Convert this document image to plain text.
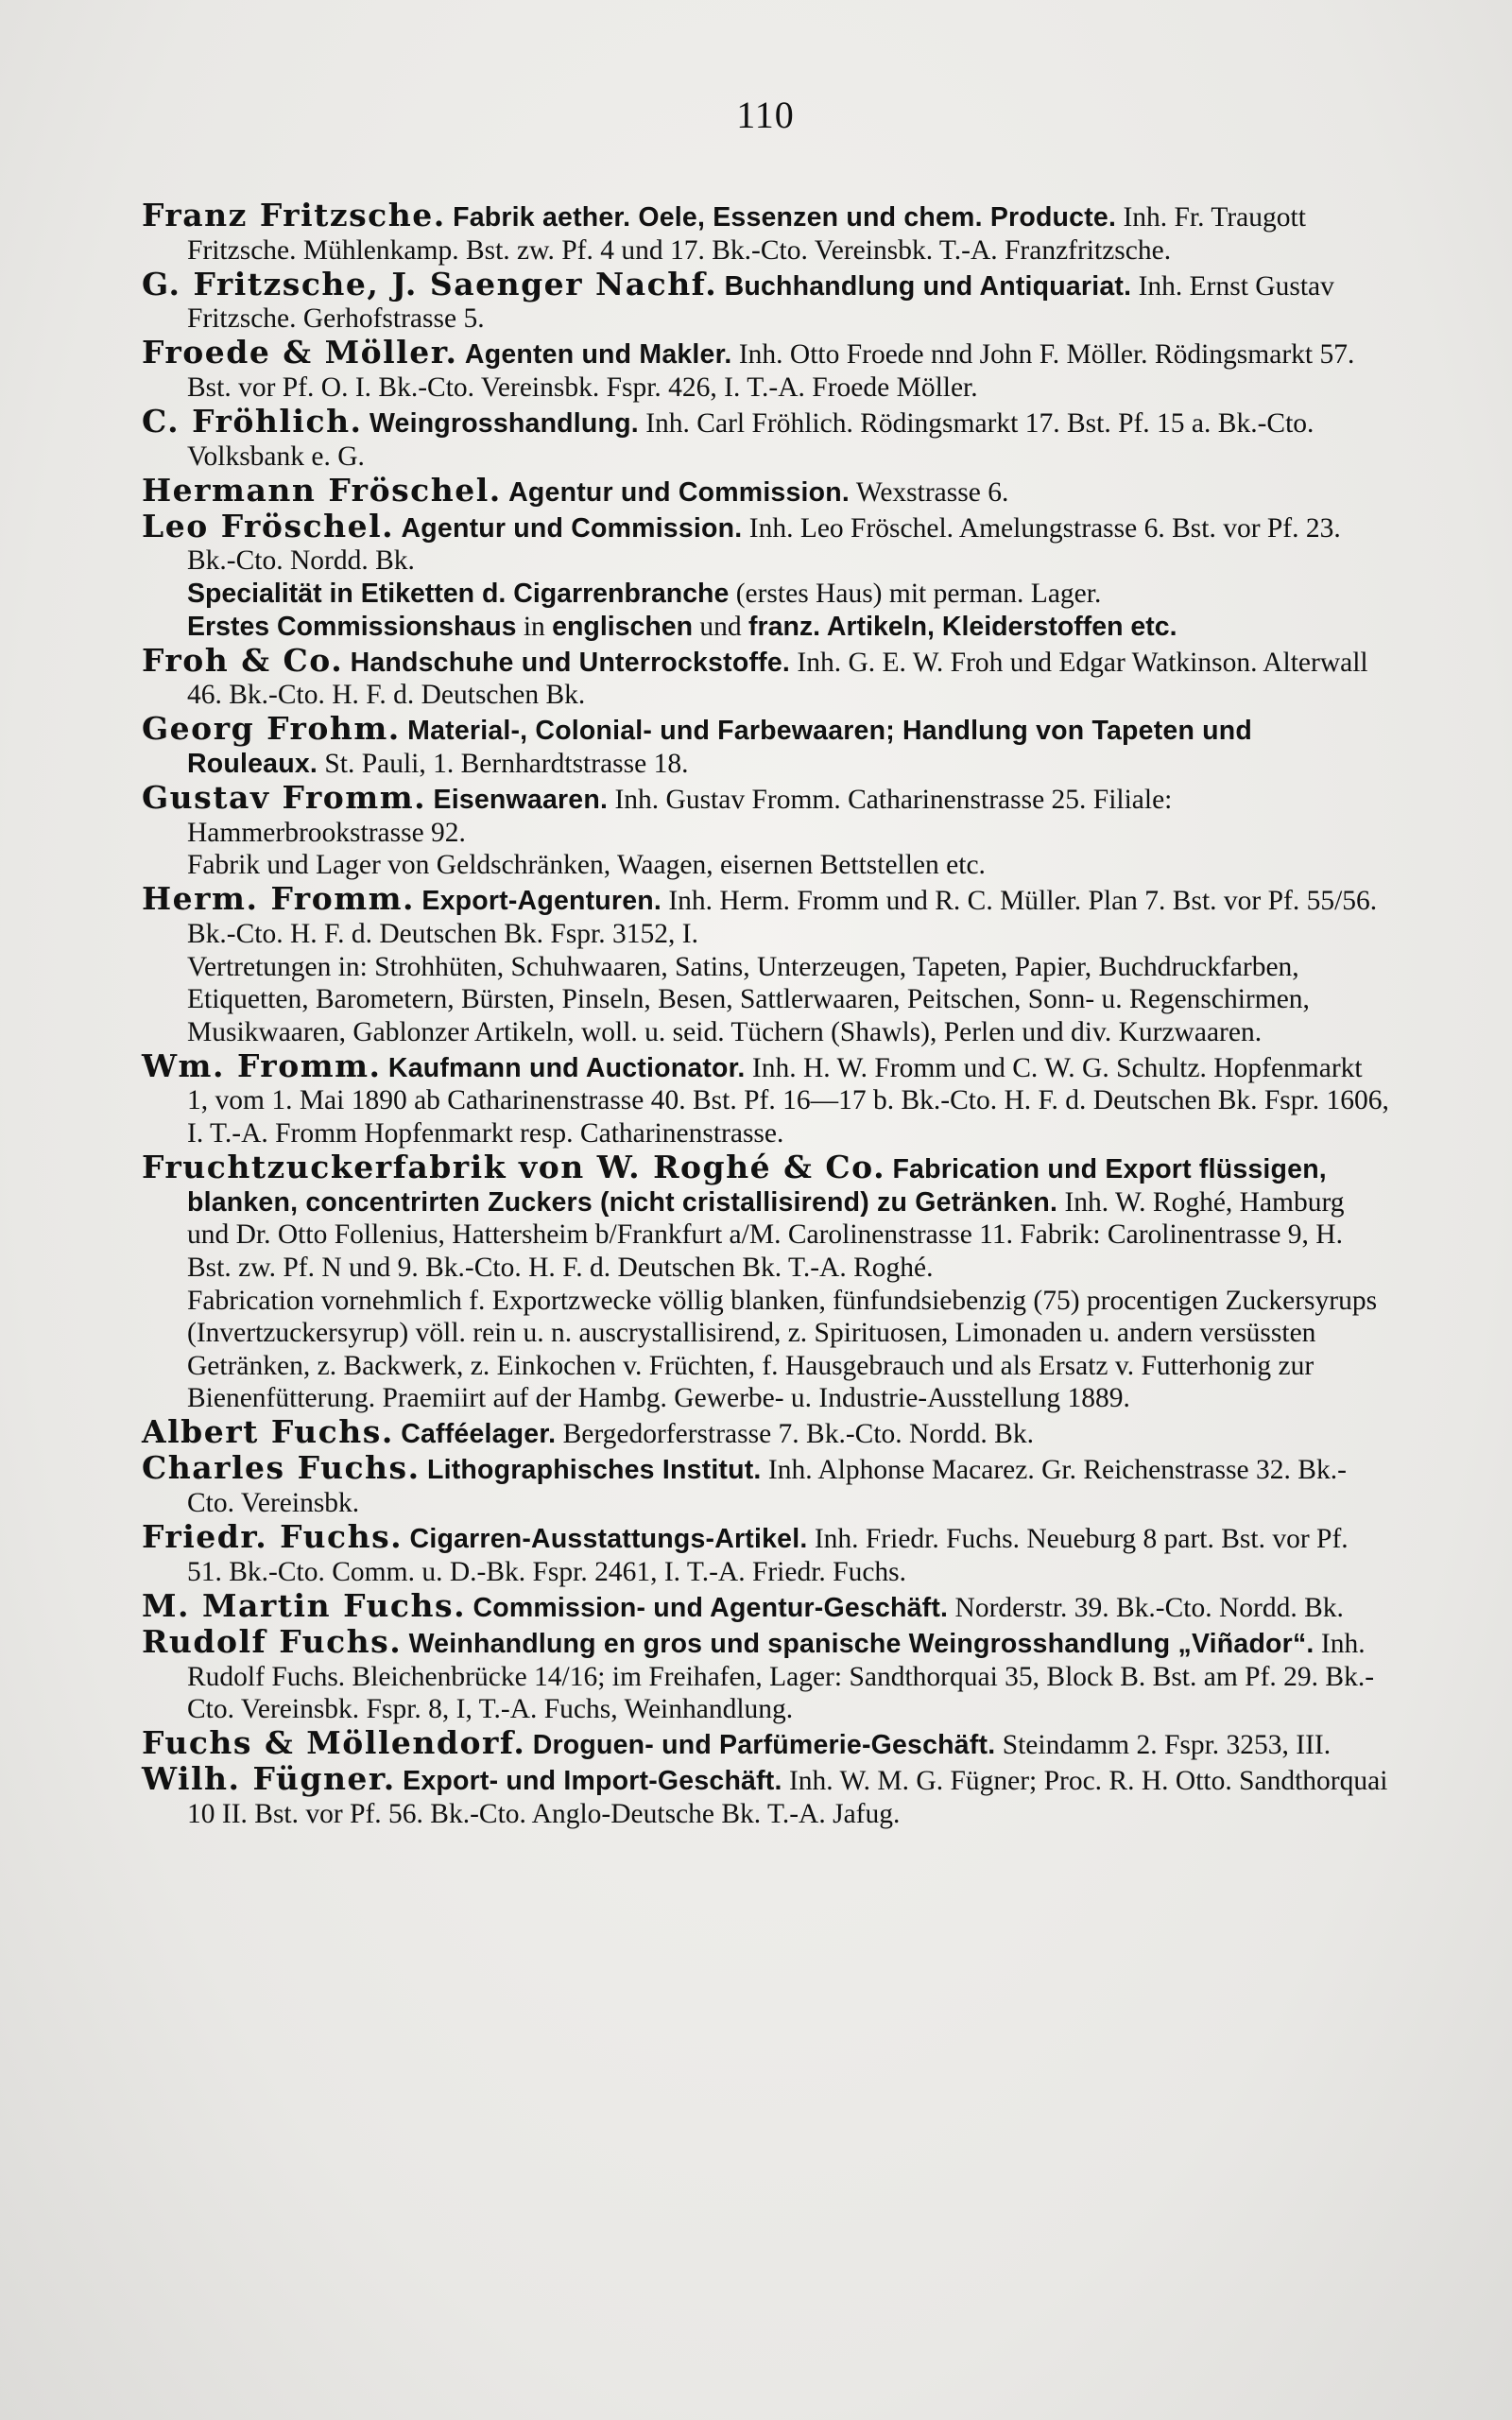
110

Franz Fritzsche. Fabrik aether. Oele, Essenzen und chem. Producte. Inh. Fr. Traugott Fritzsche. Mühlenkamp. Bst. zw. Pf. 4 und 17. Bk.-Cto. Vereinsbk. T.-A. Franzfritzsche.

G. Fritzsche, J. Saenger Nachf. Buchhandlung und Antiquariat. Inh. Ernst Gustav Fritzsche. Gerhofstrasse 5.

Froede & Möller. Agenten und Makler. Inh. Otto Froede nnd John F. Möller. Rödingsmarkt 57. Bst. vor Pf. O. I. Bk.-Cto. Vereinsbk. Fspr. 426, I. T.-A. Froede Möller.

C. Fröhlich. Weingrosshandlung. Inh. Carl Fröhlich. Rödingsmarkt 17. Bst. Pf. 15 a. Bk.-Cto. Volksbank e. G.

Hermann Fröschel. Agentur und Commission. Wexstrasse 6.

Leo Fröschel. Agentur und Commission. Inh. Leo Fröschel. Amelungstrasse 6. Bst. vor Pf. 23. Bk.-Cto. Nordd. Bk.
Specialität in Etiketten d. Cigarrenbranche (erstes Haus) mit perman. Lager.
Erstes Commissionshaus in englischen und franz. Artikeln, Kleiderstoffen etc.

Froh & Co. Handschuhe und Unterrockstoffe. Inh. G. E. W. Froh und Edgar Watkinson. Alterwall 46. Bk.-Cto. H. F. d. Deutschen Bk.

Georg Frohm. Material-, Colonial- und Farbewaaren; Handlung von Tapeten und Rouleaux. St. Pauli, 1. Bernhardtstrasse 18.

Gustav Fromm. Eisenwaaren. Inh. Gustav Fromm. Catharinenstrasse 25. Filiale: Hammerbrookstrasse 92.
Fabrik und Lager von Geldschränken, Waagen, eisernen Bettstellen etc.

Herm. Fromm. Export-Agenturen. Inh. Herm. Fromm und R. C. Müller. Plan 7. Bst. vor Pf. 55/56. Bk.-Cto. H. F. d. Deutschen Bk. Fspr. 3152, I.
Vertretungen in: Strohhüten, Schuhwaaren, Satins, Unterzeugen, Tapeten, Papier, Buchdruckfarben, Etiquetten, Barometern, Bürsten, Pinseln, Besen, Sattlerwaaren, Peitschen, Sonn- u. Regenschirmen, Musikwaaren, Gablonzer Artikeln, woll. u. seid. Tüchern (Shawls), Perlen und div. Kurzwaaren.

Wm. Fromm. Kaufmann und Auctionator. Inh. H. W. Fromm und C. W. G. Schultz. Hopfenmarkt 1, vom 1. Mai 1890 ab Catharinenstrasse 40. Bst. Pf. 16—17 b. Bk.-Cto. H. F. d. Deutschen Bk. Fspr. 1606, I. T.-A. Fromm Hopfenmarkt resp. Catharinenstrasse.

Fruchtzuckerfabrik von W. Roghé & Co. Fabrication und Export flüssigen, blanken, concentrirten Zuckers (nicht cristallisirend) zu Getränken. Inh. W. Roghé, Hamburg und Dr. Otto Follenius, Hattersheim b/Frankfurt a/M. Carolinenstrasse 11. Fabrik: Carolinentrasse 9, H. Bst. zw. Pf. N und 9. Bk.-Cto. H. F. d. Deutschen Bk. T.-A. Roghé.
Fabrication vornehmlich f. Exportzwecke völlig blanken, fünfundsiebenzig (75) procentigen Zuckersyrups (Invertzuckersyrup) völl. rein u. n. auscrystallisirend, z. Spirituosen, Limonaden u. andern versüssten Getränken, z. Backwerk, z. Einkochen v. Früchten, f. Hausgebrauch und als Ersatz v. Futterhonig zur Bienenfütterung. Praemiirt auf der Hambg. Gewerbe- u. Industrie-Ausstellung 1889.

Albert Fuchs. Cafféelager. Bergedorferstrasse 7. Bk.-Cto. Nordd. Bk.

Charles Fuchs. Lithographisches Institut. Inh. Alphonse Macarez. Gr. Reichenstrasse 32. Bk.-Cto. Vereinsbk.

Friedr. Fuchs. Cigarren-Ausstattungs-Artikel. Inh. Friedr. Fuchs. Neueburg 8 part. Bst. vor Pf. 51. Bk.-Cto. Comm. u. D.-Bk. Fspr. 2461, I. T.-A. Friedr. Fuchs.

M. Martin Fuchs. Commission- und Agentur-Geschäft. Norderstr. 39. Bk.-Cto. Nordd. Bk.

Rudolf Fuchs. Weinhandlung en gros und spanische Weingrosshandlung „Viñador“. Inh. Rudolf Fuchs. Bleichenbrücke 14/16; im Freihafen, Lager: Sandthorquai 35, Block B. Bst. am Pf. 29. Bk.-Cto. Vereinsbk. Fspr. 8, I, T.-A. Fuchs, Weinhandlung.

Fuchs & Möllendorf. Droguen- und Parfümerie-Geschäft. Steindamm 2. Fspr. 3253, III.

Wilh. Fügner. Export- und Import-Geschäft. Inh. W. M. G. Fügner; Proc. R. H. Otto. Sandthorquai 10 II. Bst. vor Pf. 56. Bk.-Cto. Anglo-Deutsche Bk. T.-A. Jafug.
